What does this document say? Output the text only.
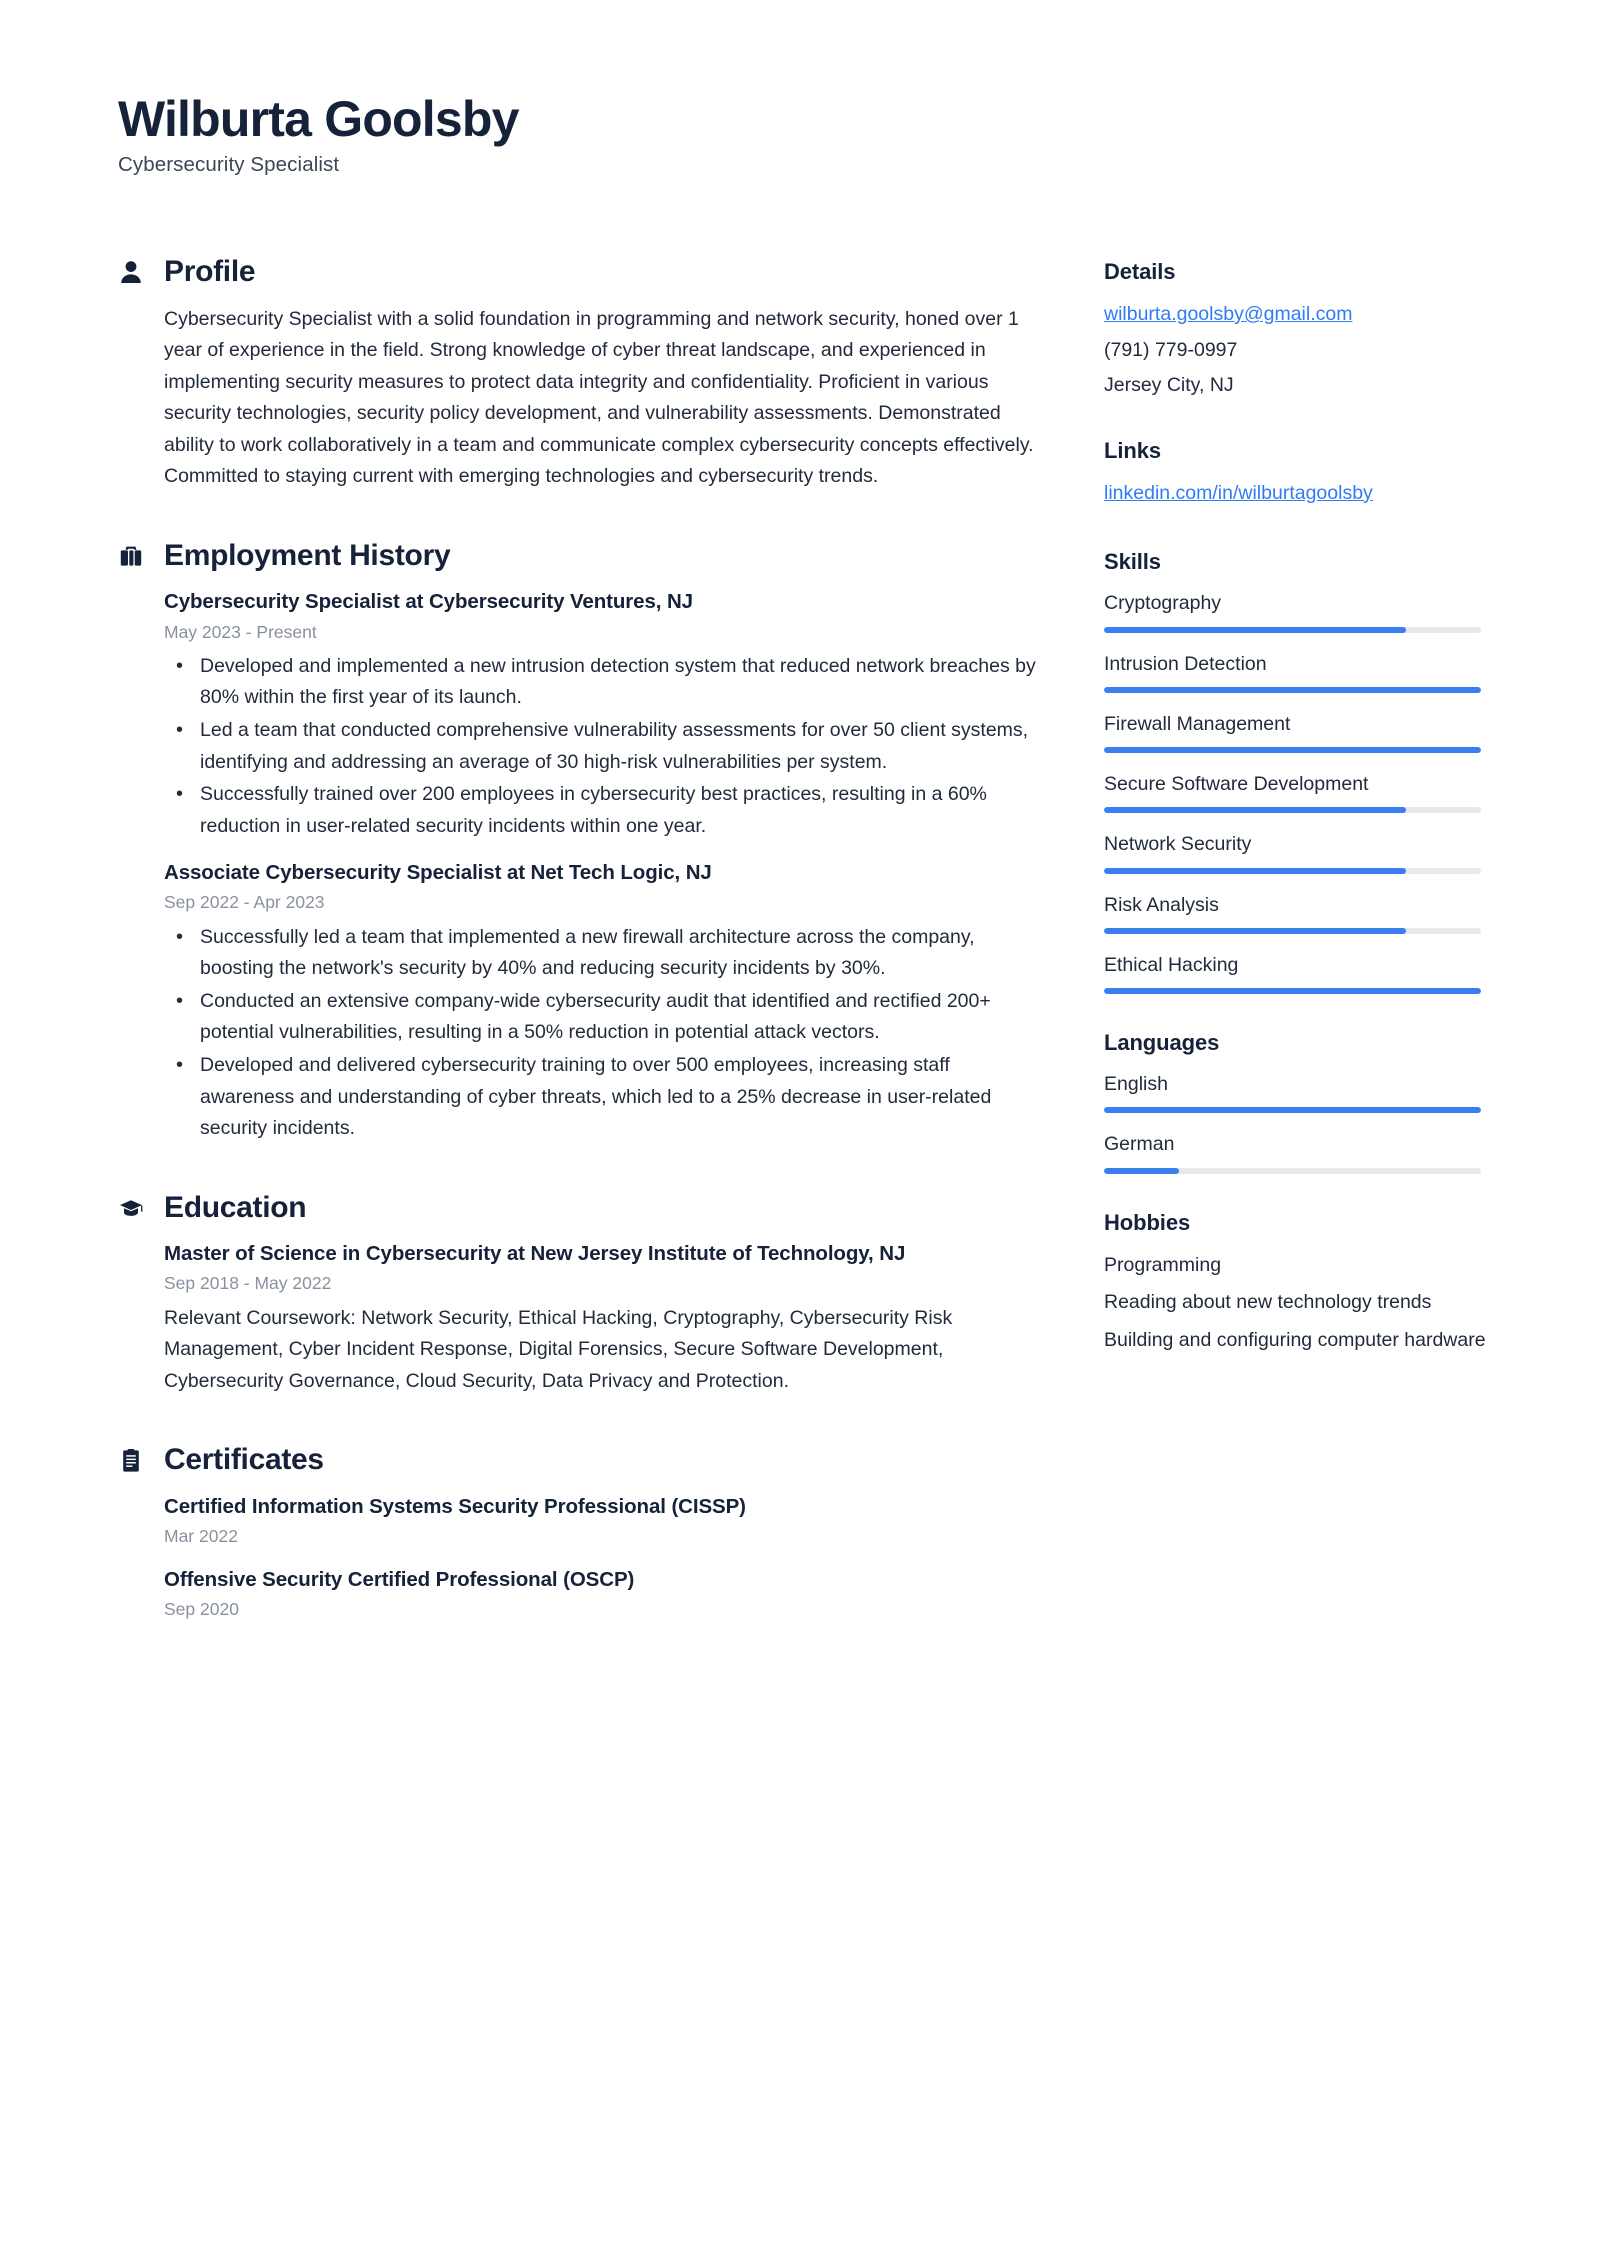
Wilburta Goolsby
Cybersecurity Specialist
Profile

Cybersecurity Specialist with a solid foundation in programming and network security, honed over 1 year of experience in the field. Strong knowledge of cyber threat landscape, and experienced in implementing security measures to protect data integrity and confidentiality. Proficient in various security technologies, security policy development, and vulnerability assessments. Demonstrated ability to work collaboratively in a team and communicate complex cybersecurity concepts effectively. Committed to staying current with emerging technologies and cybersecurity trends.

Employment History
Cybersecurity Specialist at Cybersecurity Ventures, NJ
May 2023 - Present
• Developed and implemented a new intrusion detection system that reduced network breaches by 80% within the first year of its launch.
• Led a team that conducted comprehensive vulnerability assessments for over 50 client systems, identifying and addressing an average of 30 high-risk vulnerabilities per system.
• Successfully trained over 200 employees in cybersecurity best practices, resulting in a 60% reduction in user-related security incidents within one year.
Associate Cybersecurity Specialist at Net Tech Logic, NJ
Sep 2022 - Apr 2023
• Successfully led a team that implemented a new firewall architecture across the company, boosting the network's security by 40% and reducing security incidents by 30%.
• Conducted an extensive company-wide cybersecurity audit that identified and rectified 200+ potential vulnerabilities, resulting in a 50% reduction in potential attack vectors.
• Developed and delivered cybersecurity training to over 500 employees, increasing staff awareness and understanding of cyber threats, which led to a 25% decrease in user-related security incidents.
Education
Master of Science in Cybersecurity at New Jersey Institute of Technology, NJ
Sep 2018 - May 2022
Relevant Coursework: Network Security, Ethical Hacking, Cryptography, Cybersecurity Risk Management, Cyber Incident Response, Digital Forensics, Secure Software Development, Cybersecurity Governance, Cloud Security, Data Privacy and Protection.
Certificates
Certified Information Systems Security Professional (CISSP)
Mar 2022
Offensive Security Certified Professional (OSCP)
Sep 2020
Details
wilburta.goolsby@gmail.com
(791) 779-0997
Jersey City, NJ
Links
linkedin.com/in/wilburtagoolsby
Skills
Cryptography
Intrusion Detection
Firewall Management
Secure Software Development
Network Security
Risk Analysis
Ethical Hacking
Languages
English
German
Hobbies
Programming
Reading about new technology trends
Building and configuring computer hardware
